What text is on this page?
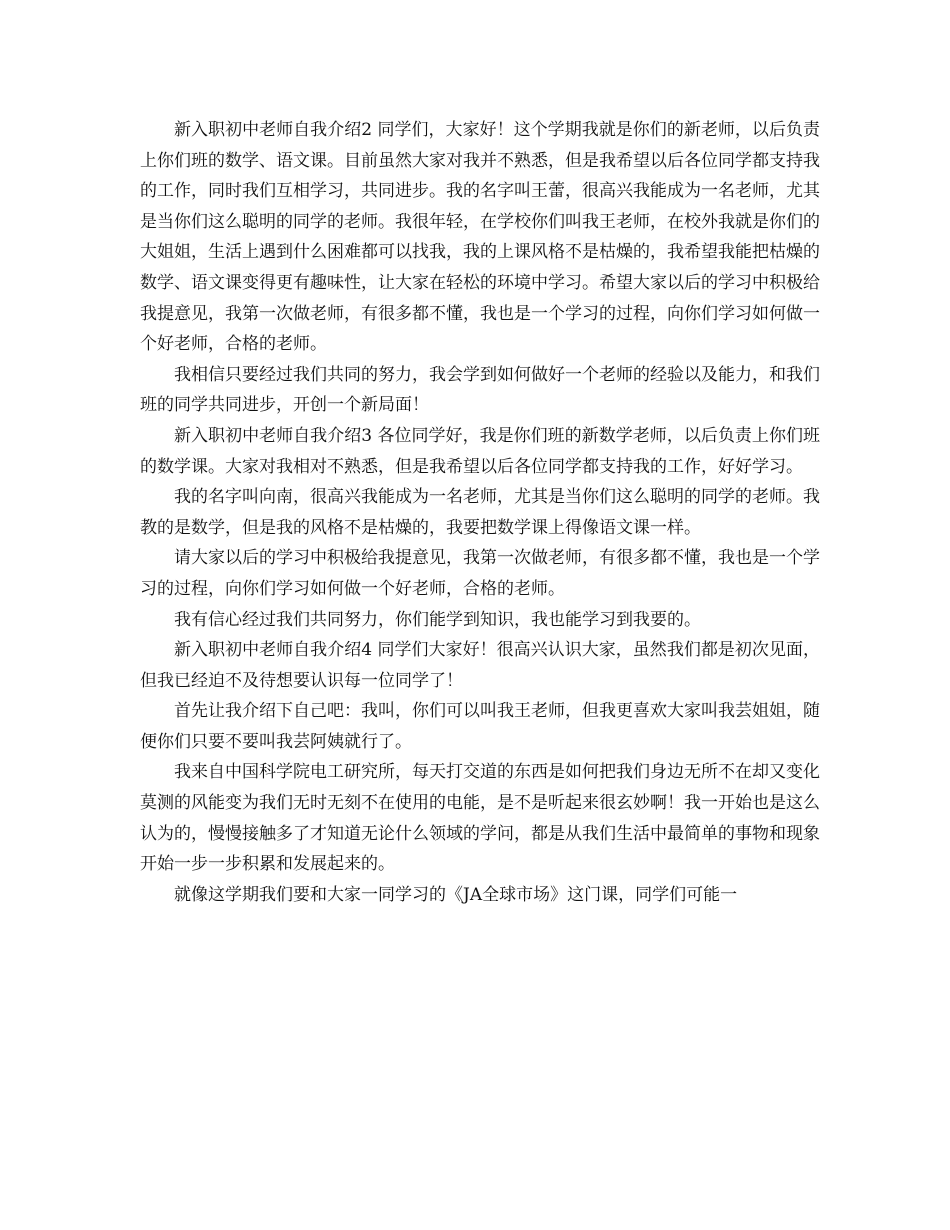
新入职初中老师自我介绍2 同学们，大家好！这个学期我就是你们的新老师，以后负责上你们班的数学、语文课。目前虽然大家对我并不熟悉，但是我希望以后各位同学都支持我的工作，同时我们互相学习，共同进步。我的名字叫王蕾，很高兴我能成为一名老师，尤其是当你们这么聪明的同学的老师。我很年轻，在学校你们叫我王老师，在校外我就是你们的大姐姐，生活上遇到什么困难都可以找我，我的上课风格不是枯燥的，我希望我能把枯燥的数学、语文课变得更有趣味性，让大家在轻松的环境中学习。希望大家以后的学习中积极给我提意见，我第一次做老师，有很多都不懂，我也是一个学习的过程，向你们学习如何做一个好老师，合格的老师。

我相信只要经过我们共同的努力，我会学到如何做好一个老师的经验以及能力，和我们班的同学共同进步，开创一个新局面！

新入职初中老师自我介绍3 各位同学好，我是你们班的新数学老师，以后负责上你们班的数学课。大家对我相对不熟悉，但是我希望以后各位同学都支持我的工作，好好学习。

我的名字叫向南，很高兴我能成为一名老师，尤其是当你们这么聪明的同学的老师。我教的是数学，但是我的风格不是枯燥的，我要把数学课上得像语文课一样。

请大家以后的学习中积极给我提意见，我第一次做老师，有很多都不懂，我也是一个学习的过程，向你们学习如何做一个好老师，合格的老师。

我有信心经过我们共同努力，你们能学到知识，我也能学习到我要的。

新入职初中老师自我介绍4 同学们大家好！很高兴认识大家，虽然我们都是初次见面，但我已经迫不及待想要认识每一位同学了！

首先让我介绍下自己吧：我叫，你们可以叫我王老师，但我更喜欢大家叫我芸姐姐，随便你们只要不要叫我芸阿姨就行了。

我来自中国科学院电工研究所，每天打交道的东西是如何把我们身边无所不在却又变化莫测的风能变为我们无时无刻不在使用的电能，是不是听起来很玄妙啊！我一开始也是这么认为的，慢慢接触多了才知道无论什么领域的学问，都是从我们生活中最简单的事物和现象开始一步一步积累和发展起来的。

就像这学期我们要和大家一同学习的《JA全球市场》这门课，同学们可能一
